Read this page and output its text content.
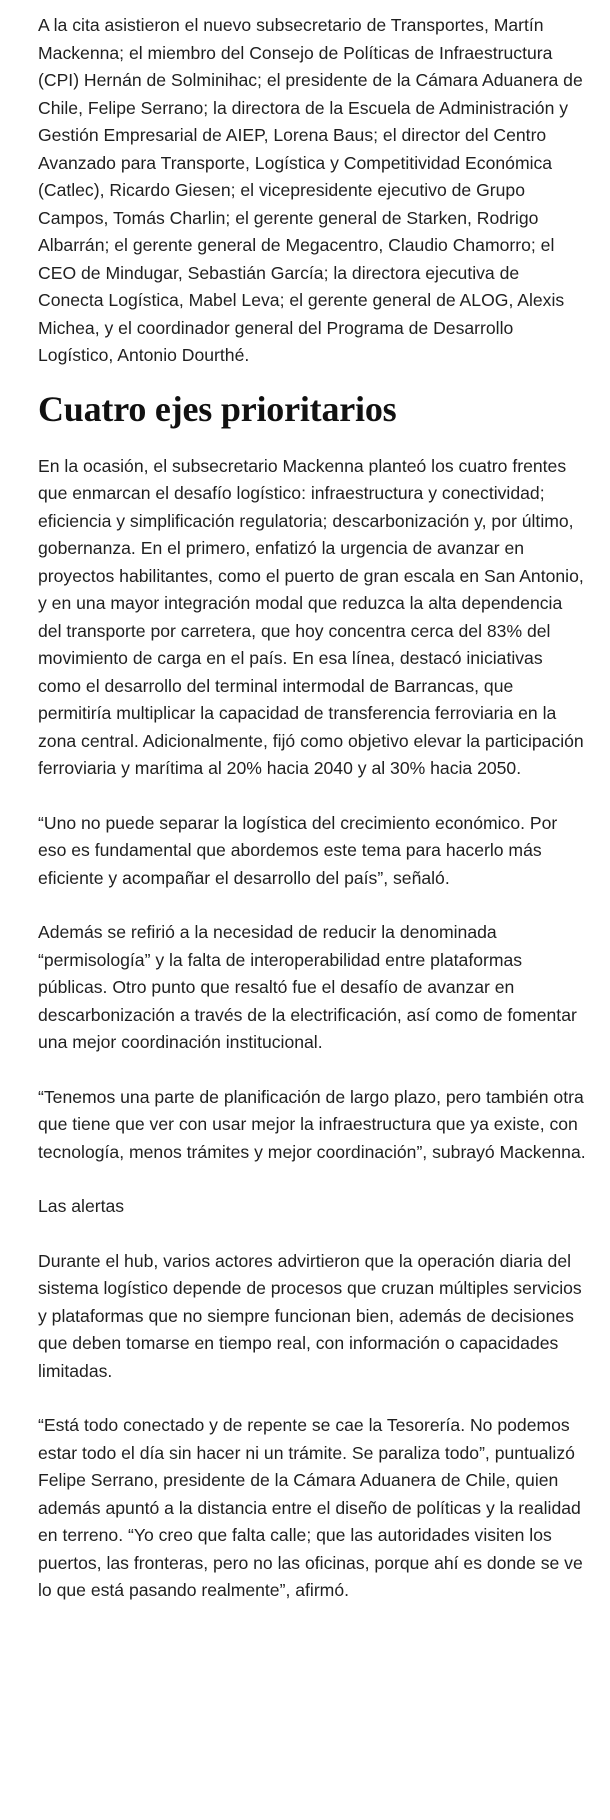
A la cita asistieron el nuevo subsecretario de Transportes, Martín Mackenna; el miembro del Consejo de Políticas de Infraestructura (CPI) Hernán de Solminihac; el presidente de la Cámara Aduanera de Chile, Felipe Serrano; la directora de la Escuela de Administración y Gestión Empresarial de AIEP, Lorena Baus; el director del Centro Avanzado para Transporte, Logística y Competitividad Económica (Catlec), Ricardo Giesen; el vicepresidente ejecutivo de Grupo Campos, Tomás Charlin; el gerente general de Starken, Rodrigo Albarrán; el gerente general de Megacentro, Claudio Chamorro; el CEO de Mindugar, Sebastián García; la directora ejecutiva de Conecta Logística, Mabel Leva; el gerente general de ALOG, Alexis Michea, y el coordinador general del Programa de Desarrollo Logístico, Antonio Dourthé.

Cuatro ejes prioritarios

En la ocasión, el subsecretario Mackenna planteó los cuatro frentes que enmarcan el desafío logístico: infraestructura y conectividad; eficiencia y simplificación regulatoria; descarbonización y, por último, gobernanza. En el primero, enfatizó la urgencia de avanzar en proyectos habilitantes, como el puerto de gran escala en San Antonio, y en una mayor integración modal que reduzca la alta dependencia del transporte por carretera, que hoy concentra cerca del 83% del movimiento de carga en el país. En esa línea, destacó iniciativas como el desarrollo del terminal intermodal de Barrancas, que permitiría multiplicar la capacidad de transferencia ferroviaria en la zona central. Adicionalmente, fijó como objetivo elevar la participación ferroviaria y marítima al 20% hacia 2040 y al 30% hacia 2050.

“Uno no puede separar la logística del crecimiento económico. Por eso es fundamental que abordemos este tema para hacerlo más eficiente y acompañar el desarrollo del país”, señaló.

Además se refirió a la necesidad de reducir la denominada “permisología” y la falta de interoperabilidad entre plataformas públicas. Otro punto que resaltó fue el desafío de avanzar en descarbonización a través de la electrificación, así como de fomentar una mejor coordinación institucional.

“Tenemos una parte de planificación de largo plazo, pero también otra que tiene que ver con usar mejor la infraestructura que ya existe, con tecnología, menos trámites y mejor coordinación”, subrayó Mackenna.

Las alertas

Durante el hub, varios actores advirtieron que la operación diaria del sistema logístico depende de procesos que cruzan múltiples servicios y plataformas que no siempre funcionan bien, además de decisiones que deben tomarse en tiempo real, con información o capacidades limitadas.

“Está todo conectado y de repente se cae la Tesorería. No podemos estar todo el día sin hacer ni un trámite. Se paraliza todo”, puntualizó Felipe Serrano, presidente de la Cámara Aduanera de Chile, quien además apuntó a la distancia entre el diseño de políticas y la realidad en terreno. “Yo creo que falta calle; que las autoridades visiten los puertos, las fronteras, pero no las oficinas, porque ahí es donde se ve lo que está pasando realmente”, afirmó.
